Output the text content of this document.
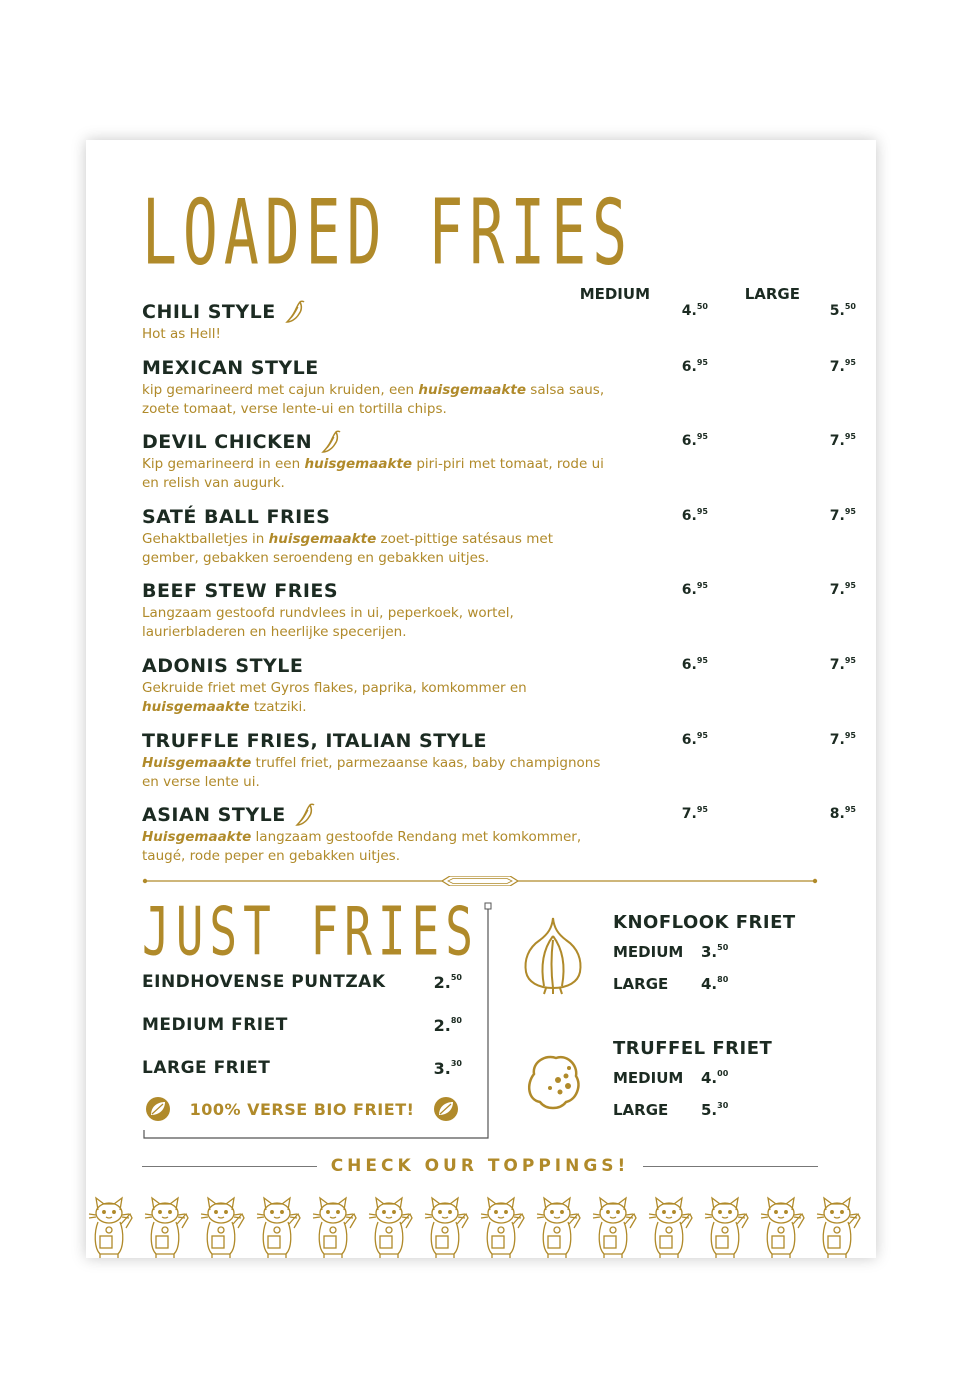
LOADED FRIES
MEDIUM	LARGE
CHILI STYLE
Hot as Hell!
4.50	5.50
MEXICAN STYLE
kip gemarineerd met cajun kruiden, een huisgemaakte salsa saus, zoete tomaat, verse lente-ui en tortilla chips.
6.95	7.95
DEVIL CHICKEN
Kip gemarineerd in een huisgemaakte piri-piri met tomaat, rode ui en relish van augurk.
6.95	7.95
SATÉ BALL FRIES
Gehaktballetjes in huisgemaakte zoet-pittige satésaus met gember, gebakken seroendeng en gebakken uitjes.
6.95	7.95
BEEF STEW FRIES
Langzaam gestoofd rundvlees in ui, peperkoek, wortel, laurierbladeren en heerlijke specerijen.
6.95	7.95
ADONIS STYLE
Gekruide friet met Gyros flakes, paprika, komkommer en huisgemaakte tzatziki.
6.95	7.95
TRUFFLE FRIES, ITALIAN STYLE
Huisgemaakte truffel friet, parmezaanse kaas, baby champignons en verse lente ui.
6.95	7.95
ASIAN STYLE
Huisgemaakte langzaam gestoofde Rendang met komkommer, taugé, rode peper en gebakken uitjes.
7.95	8.95
JUST FRIES
EINDHOVENSE PUNTZAK	2.50
MEDIUM FRIET	2.80
LARGE FRIET	3.30
100% VERSE BIO FRIET!
KNOFLOOK FRIET
MEDIUM 3.50
LARGE 4.80
TRUFFEL FRIET
MEDIUM 4.00
LARGE 5.30
CHECK OUR TOPPINGS!
